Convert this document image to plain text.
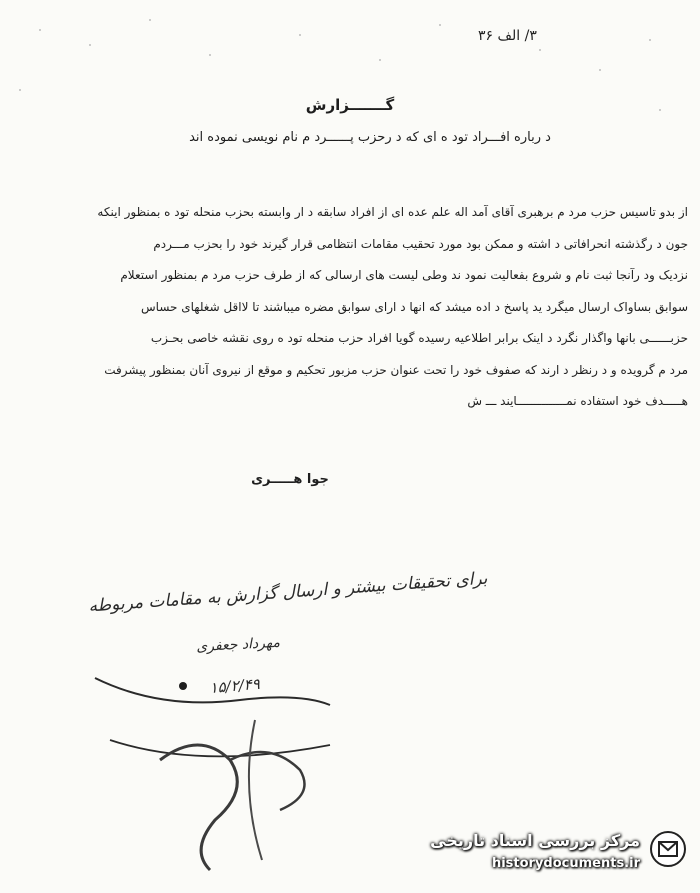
۳/ الف ۳۶
گـــــــزارش
د رباره افـــراد تود ه ای که د رحزب پــــــرد م نام نویسی نموده اند
از بدو تاسیس حزب مرد م برهبری آقای آمد اله علم عده ای از افراد سابقه د ار وابسته بحزب منحله تود ه بمنظور اینکه
جون د رگذشته انحرافاتی د اشته و ممکن بود مورد تحقیب مقامات انتظامی قرار گیرند خود را بحزب مـــردم
نزدیک ود رآنجا ثبت نام و شروع بفعالیت نمود ند وطی لیست های ارسالی که از طرف حزب مرد م بمنظور استعلام
سوابق بساواک ارسال میگرد ید پاسخ د اده میشد که انها د ارای سوابق مضره میباشند تا لااقل شغلهای حساس
حزبــــــی بانها واگذار نگرد د اینک برابر اطلاعیه رسیده گویا افراد حزب منحله تود ه روی نقشه خاصی بحـزب
مرد م گرویده و د رنظر د ارند که صفوف خود را تحت عنوان حزب مزبور تحکیم و موقع از نیروی آنان بمنظور پیشرفت
هـــــدف خود استفاده نمــــــــــــــایند ـــ ش
جوا هـــــری
برای تحقیقات بیشتر و ارسال گزارش به مقامات مربوطه
مهرداد جعفری
۱۵/۲/۴۹
مرکز بررسی اسناد تاریخی
historydocuments.ir
